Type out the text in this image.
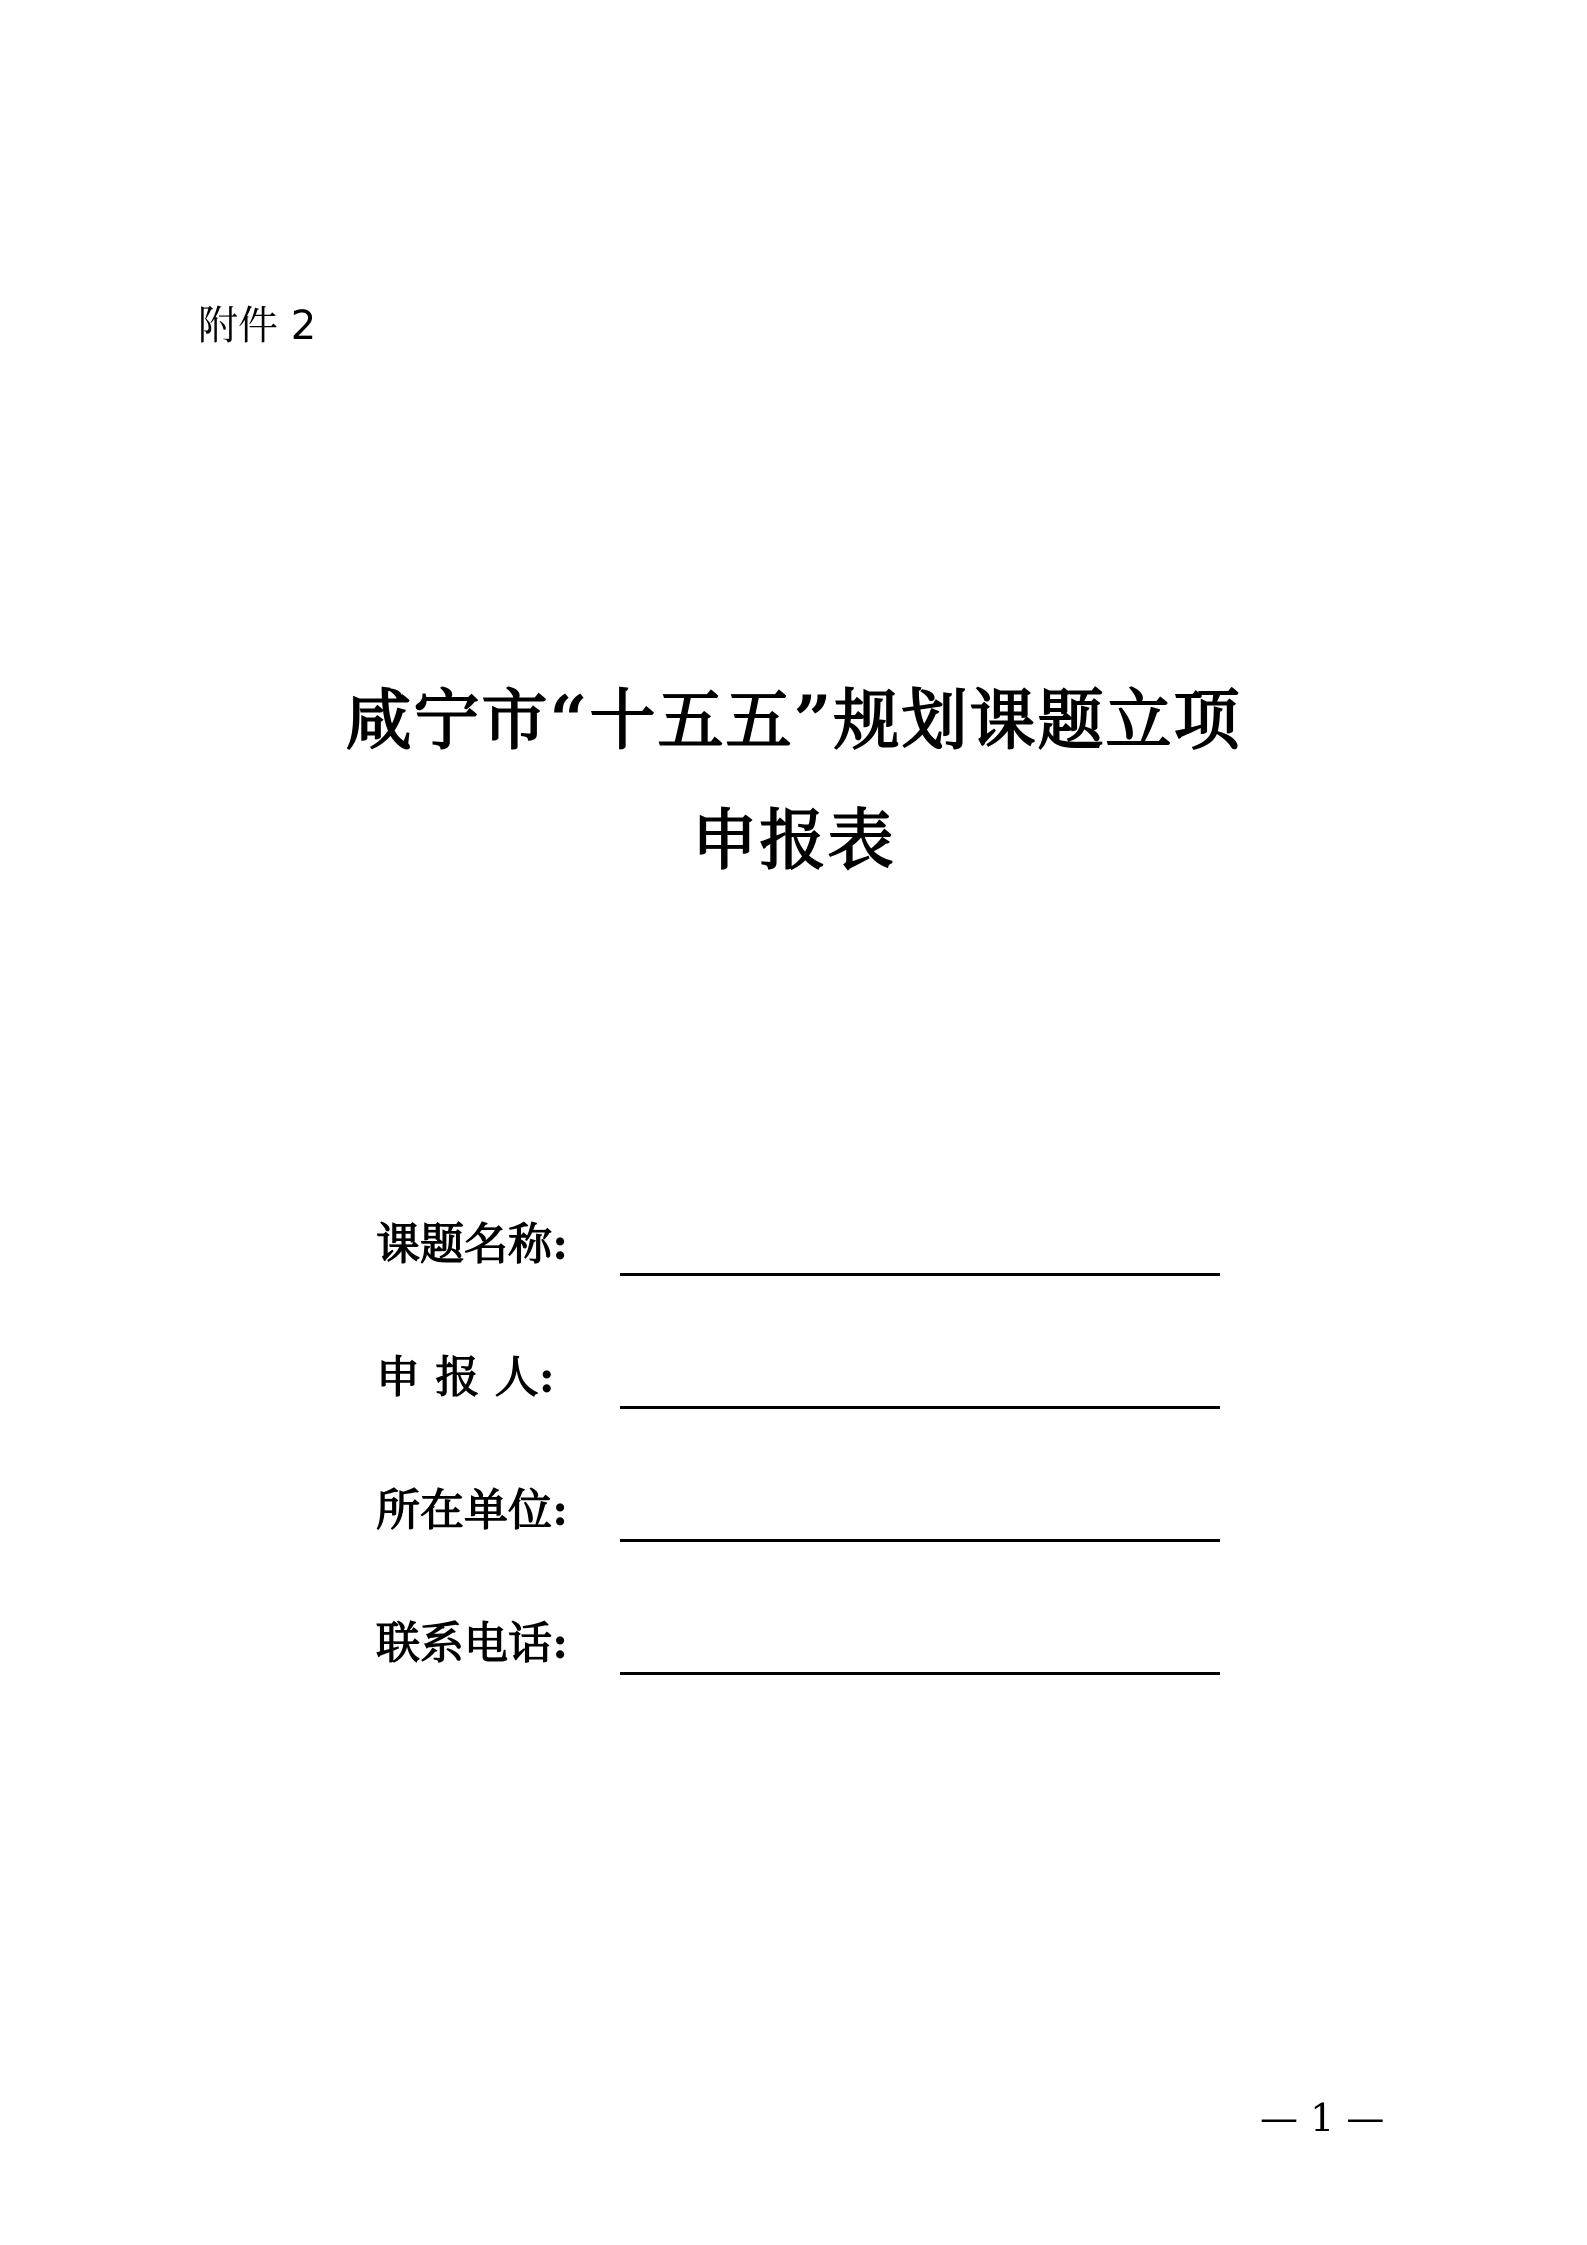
附件 2
咸宁市“十五五”规划课题立项
申报表
课题名称:
申 报 人:
所在单位:
联系电话:
— 1 —
